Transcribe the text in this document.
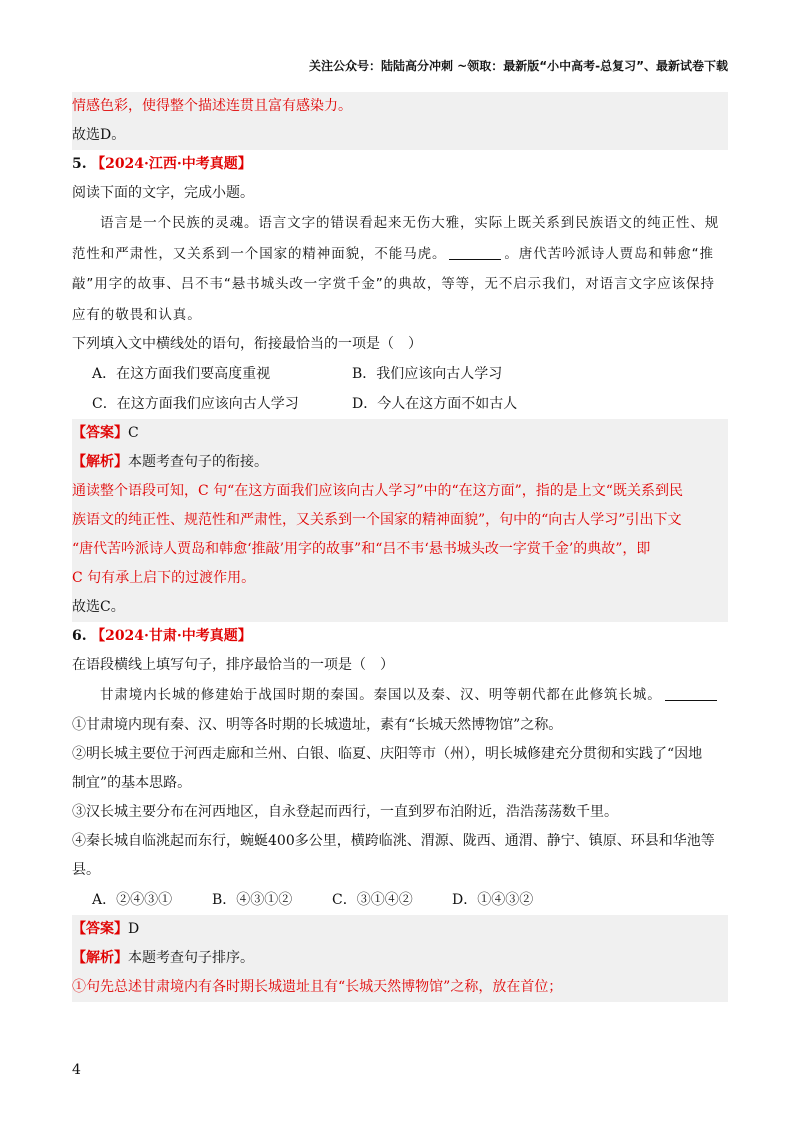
关注公众号：陆陆高分冲刺 ~领取：最新版“小中高考-总复习”、最新试卷下载
情感色彩，使得整个描述连贯且富有感染力。
故选D。
5. 【2024·江西·中考真题】
阅读下面的文字，完成小题。
语言是一个民族的灵魂。语言文字的错误看起来无伤大雅，实际上既关系到民族语文的纯正性、规
范性和严肃性，又关系到一个国家的精神面貌，不能马虎。	。唐代苦吟派诗人贾岛和韩愈“推
敲”用字的故事、吕不韦“悬书城头改一字赏千金”的典故，等等，无不启示我们，对语言文字应该保持
应有的敬畏和认真。
下列填入文中横线处的语句，衔接最恰当的一项是（　）
A．在这方面我们要高度重视	B．我们应该向古人学习
C．在这方面我们应该向古人学习	D．今人在这方面不如古人
【答案】C
【解析】本题考查句子的衔接。
通读整个语段可知，C 句“在这方面我们应该向古人学习”中的“在这方面”，指的是上文“既关系到民
族语文的纯正性、规范性和严肃性，又关系到一个国家的精神面貌”，句中的“向古人学习”引出下文
“唐代苦吟派诗人贾岛和韩愈‘推敲’用字的故事”和“吕不韦‘悬书城头改一字赏千金’的典故”，即
C 句有承上启下的过渡作用。
故选C。
6. 【2024·甘肃·中考真题】
在语段横线上填写句子，排序最恰当的一项是（　）
甘肃境内长城的修建始于战国时期的秦国。秦国以及秦、汉、明等朝代都在此修筑长城。
①甘肃境内现有秦、汉、明等各时期的长城遗址，素有“长城天然博物馆”之称。
②明长城主要位于河西走廊和兰州、白银、临夏、庆阳等市（州），明长城修建充分贯彻和实践了“因地
制宜”的基本思路。
③汉长城主要分布在河西地区，自永登起而西行，一直到罗布泊附近，浩浩荡荡数千里。
④秦长城自临洮起而东行，蜿蜒400多公里，横跨临洮、渭源、陇西、通渭、静宁、镇原、环县和华池等
县。
A．②④③①	B．④③①②	C．③①④②	D．①④③②
【答案】D
【解析】本题考查句子排序。
①句先总述甘肃境内有各时期长城遗址且有“长城天然博物馆”之称，放在首位；
4
